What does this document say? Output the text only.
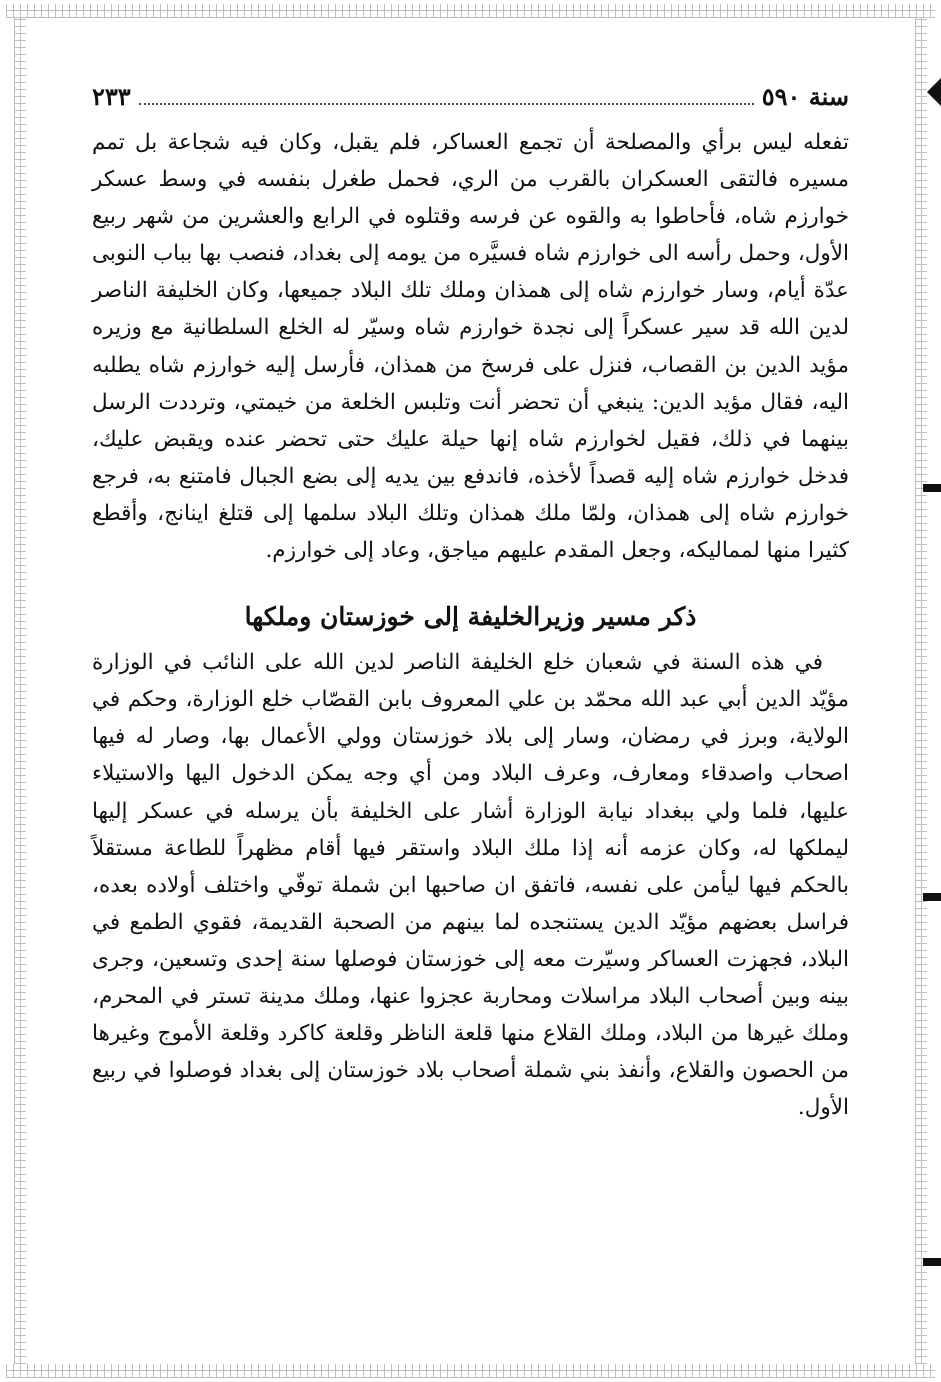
سنة ٥٩٠
٢٣٣

تفعله ليس برأي والمصلحة أن تجمع العساكر، فلم يقبل، وكان فيه شجاعة بل تمم مسيره فالتقى العسكران بالقرب من الري، فحمل طغرل بنفسه في وسط عسكر خوارزم شاه، فأحاطوا به والقوه عن فرسه وقتلوه في الرابع والعشرين من شهر ربيع الأول، وحمل رأسه الى خوارزم شاه فسيَّره من يومه إلى بغداد، فنصب بها بباب النوبى عدّة أيام، وسار خوارزم شاه إلى همذان وملك تلك البلاد جميعها، وكان الخليفة الناصر لدين الله قد سير عسكراً إلى نجدة خوارزم شاه وسيّر له الخلع السلطانية مع وزيره مؤيد الدين بن القصاب، فنزل على فرسخ من همذان، فأرسل إليه خوارزم شاه يطلبه اليه، فقال مؤيد الدين: ينبغي أن تحضر أنت وتلبس الخلعة من خيمتي، وترددت الرسل بينهما في ذلك، فقيل لخوارزم شاه إنها حيلة عليك حتى تحضر عنده ويقبض عليك، فدخل خوارزم شاه إليه قصداً لأخذه، فاندفع بين يديه إلى بضع الجبال فامتنع به، فرجع خوارزم شاه إلى همذان، ولمّا ملك همذان وتلك البلاد سلمها إلى قتلغ اينانج، وأقطع كثيرا منها لمماليكه، وجعل المقدم عليهم مياجق، وعاد إلى خوارزم.

ذكر مسير وزيرالخليفة إلى خوزستان وملكها

في هذه السنة في شعبان خلع الخليفة الناصر لدين الله على النائب في الوزارة مؤيّد الدين أبي عبد الله محمّد بن علي المعروف بابن القصّاب خلع الوزارة، وحكم في الولاية، وبرز في رمضان، وسار إلى بلاد خوزستان وولي الأعمال بها، وصار له فيها اصحاب واصدقاء ومعارف، وعرف البلاد ومن أي وجه يمكن الدخول اليها والاستيلاء عليها، فلما ولي ببغداد نيابة الوزارة أشار على الخليفة بأن يرسله في عسكر إليها ليملكها له، وكان عزمه أنه إذا ملك البلاد واستقر فيها أقام مظهراً للطاعة مستقلاً بالحكم فيها ليأمن على نفسه، فاتفق ان صاحبها ابن شملة توفّي واختلف أولاده بعده، فراسل بعضهم مؤيّد الدين يستنجده لما بينهم من الصحبة القديمة، فقوي الطمع في البلاد، فجهزت العساكر وسيّرت معه إلى خوزستان فوصلها سنة إحدى وتسعين، وجرى بينه وبين أصحاب البلاد مراسلات ومحاربة عجزوا عنها، وملك مدينة تستر في المحرم، وملك غيرها من البلاد، وملك القلاع منها قلعة الناظر وقلعة كاكرد وقلعة الأموج وغيرها من الحصون والقلاع، وأنفذ بني شملة أصحاب بلاد خوزستان إلى بغداد فوصلوا في ربيع الأول.
